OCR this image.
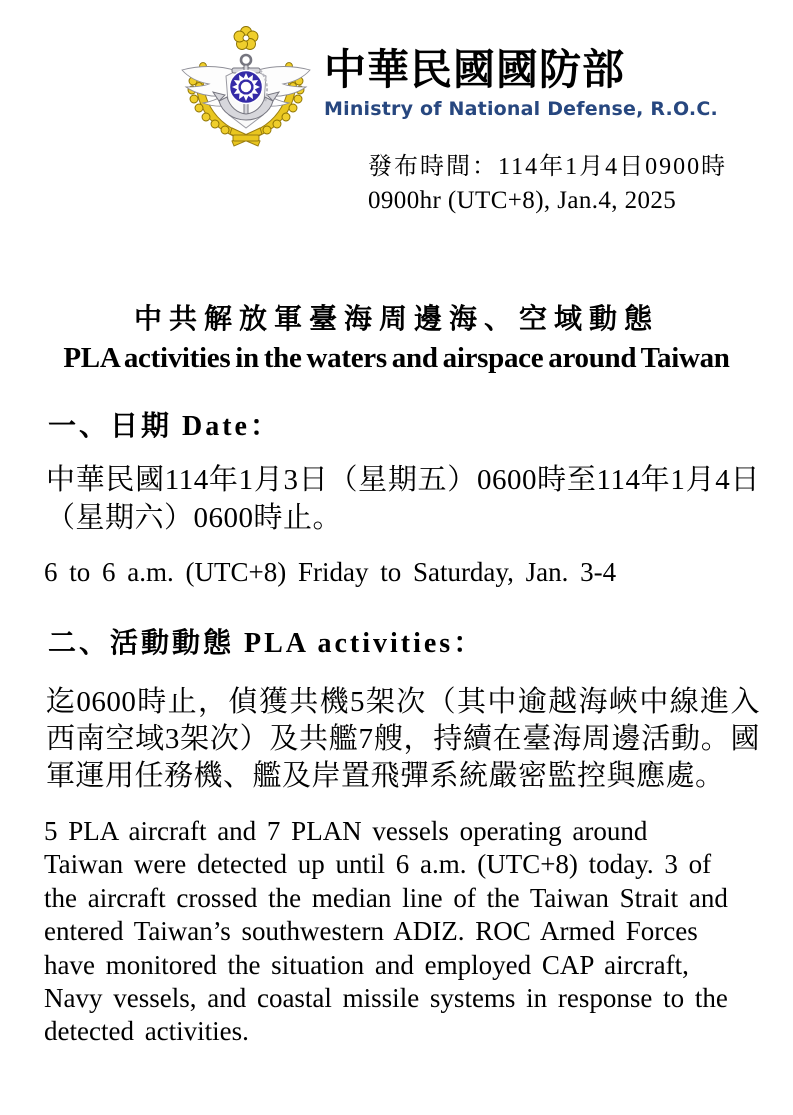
中華民國國防部
Ministry of National Defense, R.O.C.
發布時間：114年1月4日0900時
0900hr (UTC+8), Jan.4, 2025
中共解放軍臺海周邊海、空域動態
PLA activities in the waters and airspace around Taiwan
一、日期 Date：
中華民國114年1月3日（星期五）0600時至114年1月4日
（星期六）0600時止。
6 to 6 a.m. (UTC+8) Friday to Saturday, Jan. 3-4
二、活動動態 PLA activities：
迄0600時止，偵獲共機5架次（其中逾越海峽中線進入
西南空域3架次）及共艦7艘，持續在臺海周邊活動。國
軍運用任務機、艦及岸置飛彈系統嚴密監控與應處。
5 PLA aircraft and 7 PLAN vessels operating around
Taiwan were detected up until 6 a.m. (UTC+8) today. 3 of
the aircraft crossed the median line of the Taiwan Strait and
entered Taiwan’s southwestern ADIZ. ROC Armed Forces
have monitored the situation and employed CAP aircraft,
Navy vessels, and coastal missile systems in response to the
detected activities.
